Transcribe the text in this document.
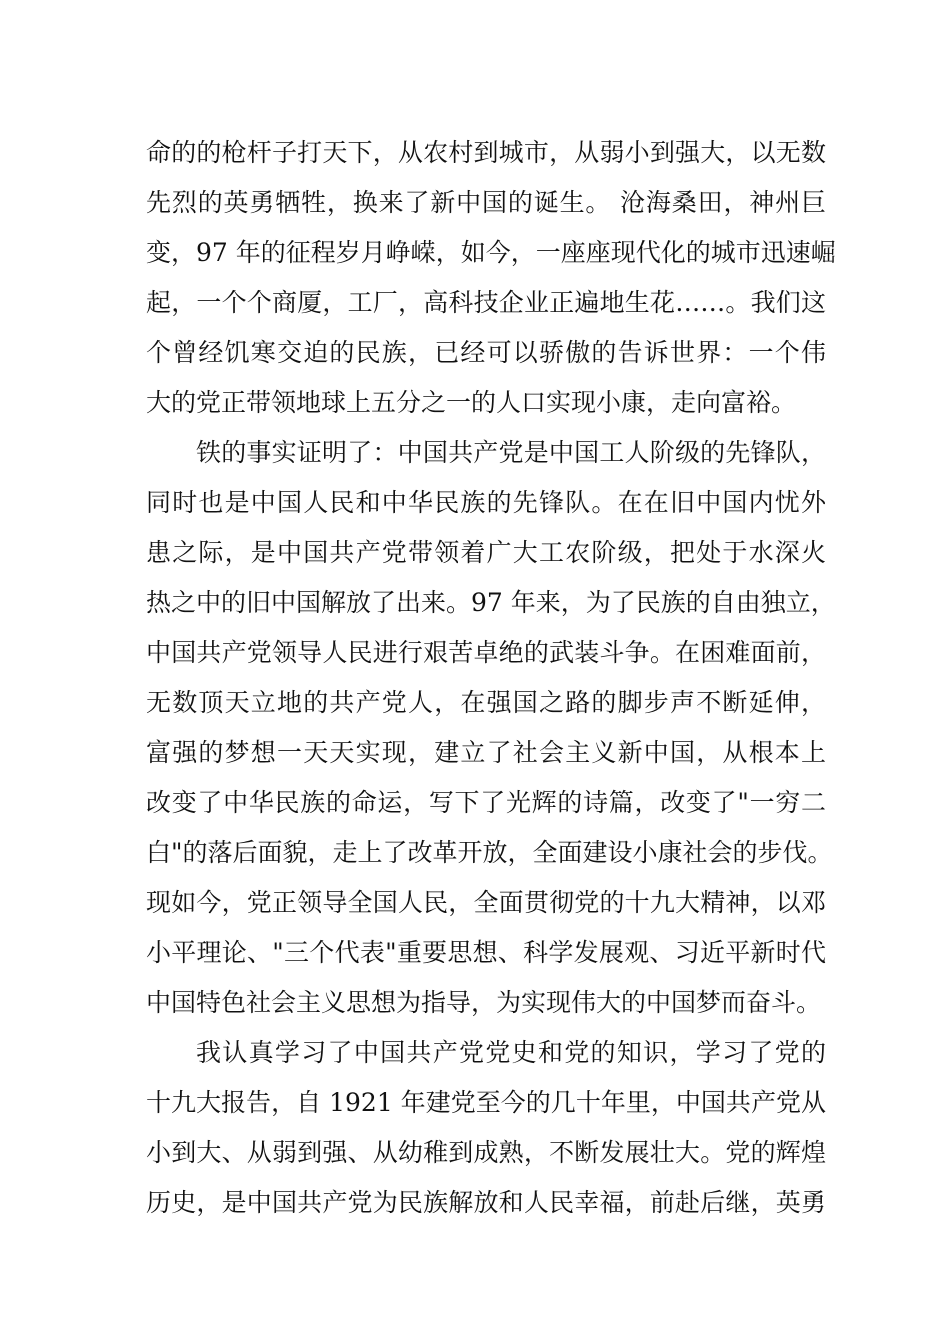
命的的枪杆子打天下，从农村到城市，从弱小到强大，以无数
先烈的英勇牺牲，换来了新中国的诞生。 沧海桑田，神州巨
变，97 年的征程岁月峥嵘，如今，一座座现代化的城市迅速崛
起，一个个商厦，工厂，高科技企业正遍地生花……。我们这
个曾经饥寒交迫的民族，已经可以骄傲的告诉世界：一个伟
大的党正带领地球上五分之一的人口实现小康，走向富裕。
铁的事实证明了：中国共产党是中国工人阶级的先锋队，
同时也是中国人民和中华民族的先锋队。在在旧中国内忧外
患之际，是中国共产党带领着广大工农阶级，把处于水深火
热之中的旧中国解放了出来。97 年来，为了民族的自由独立，
中国共产党领导人民进行艰苦卓绝的武装斗争。在困难面前，
无数顶天立地的共产党人，在强国之路的脚步声不断延伸，
富强的梦想一天天实现，建立了社会主义新中国，从根本上
改变了中华民族的命运，写下了光辉的诗篇，改变了"一穷二
白"的落后面貌，走上了改革开放，全面建设小康社会的步伐。
现如今，党正领导全国人民，全面贯彻党的十九大精神，以邓
小平理论、"三个代表"重要思想、科学发展观、习近平新时代
中国特色社会主义思想为指导，为实现伟大的中国梦而奋斗。
我认真学习了中国共产党党史和党的知识，学习了党的
十九大报告，自 1921 年建党至今的几十年里，中国共产党从
小到大、从弱到强、从幼稚到成熟，不断发展壮大。党的辉煌
历史，是中国共产党为民族解放和人民幸福，前赴后继，英勇
